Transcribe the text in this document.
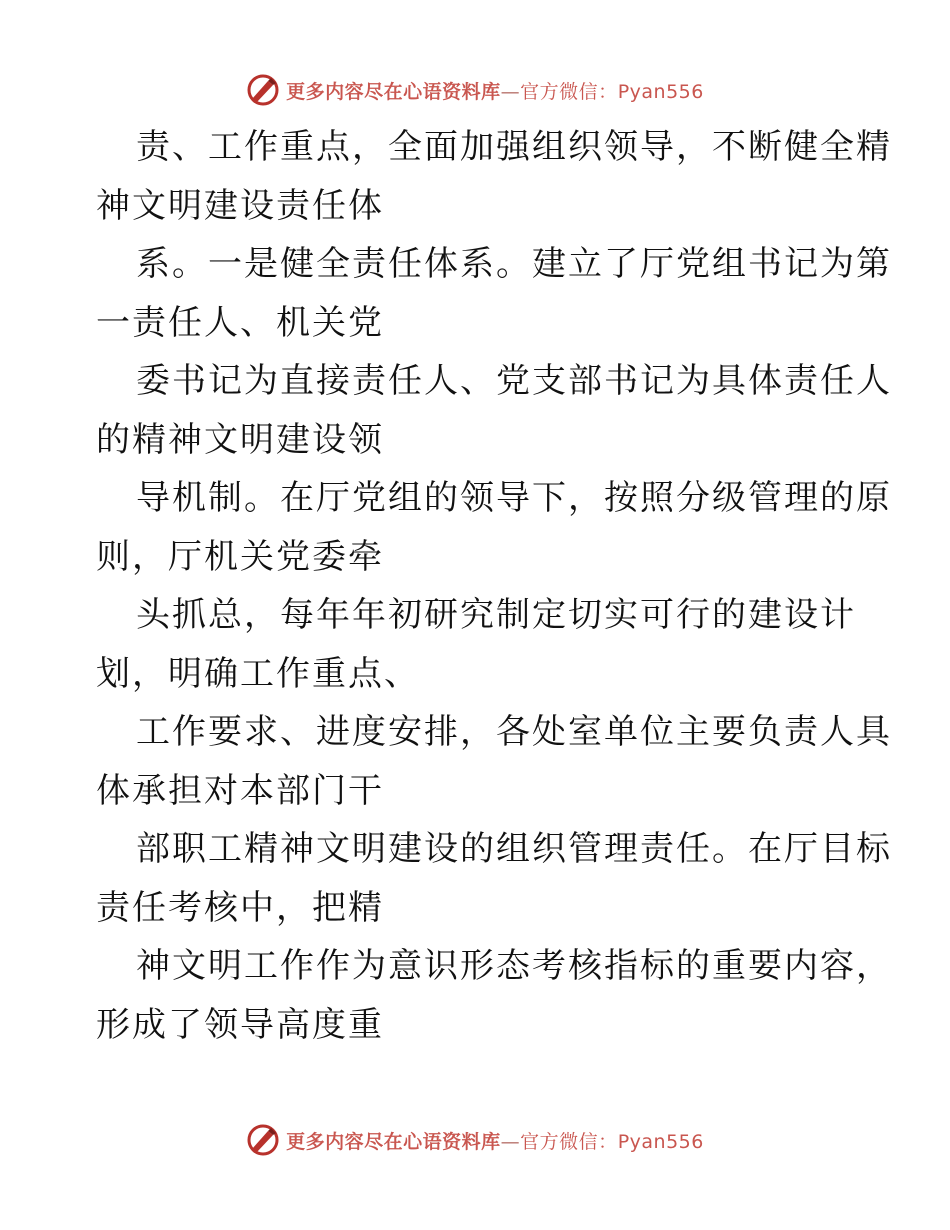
更多内容尽在心语资料库—官方微信：Pyan556
责、工作重点，全面加强组织领导，不断健全精
神文明建设责任体
系。一是健全责任体系。建立了厅党组书记为第
一责任人、机关党
委书记为直接责任人、党支部书记为具体责任人
的精神文明建设领
导机制。在厅党组的领导下，按照分级管理的原
则，厅机关党委牵
头抓总，每年年初研究制定切实可行的建设计
划，明确工作重点、
工作要求、进度安排，各处室单位主要负责人具
体承担对本部门干
部职工精神文明建设的组织管理责任。在厅目标
责任考核中，把精
神文明工作作为意识形态考核指标的重要内容，
形成了领导高度重
更多内容尽在心语资料库—官方微信：Pyan556
